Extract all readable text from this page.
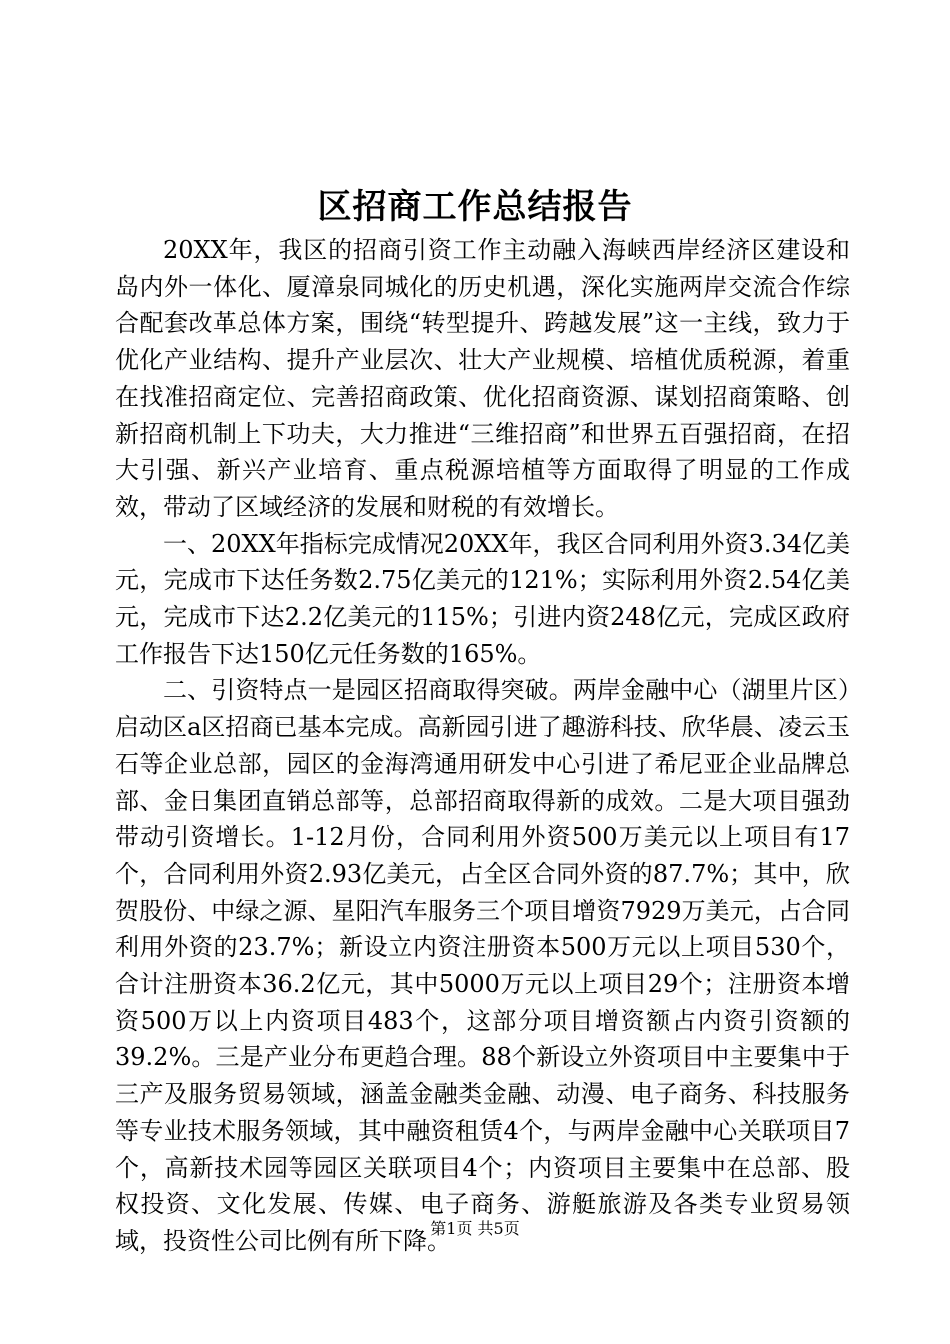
区招商工作总结报告

20XX年，我区的招商引资工作主动融入海峡西岸经济区建设和岛内外一体化、厦漳泉同城化的历史机遇，深化实施两岸交流合作综合配套改革总体方案，围绕“转型提升、跨越发展”这一主线，致力于优化产业结构、提升产业层次、壮大产业规模、培植优质税源，着重在找准招商定位、完善招商政策、优化招商资源、谋划招商策略、创新招商机制上下功夫，大力推进“三维招商”和世界五百强招商，在招大引强、新兴产业培育、重点税源培植等方面取得了明显的工作成效，带动了区域经济的发展和财税的有效增长。

一、20XX年指标完成情况20XX年，我区合同利用外资3.34亿美元，完成市下达任务数2.75亿美元的121%；实际利用外资2.54亿美元，完成市下达2.2亿美元的115%；引进内资248亿元，完成区政府工作报告下达150亿元任务数的165%。

二、引资特点一是园区招商取得突破。两岸金融中心（湖里片区）启动区a区招商已基本完成。高新园引进了趣游科技、欣华晨、凌云玉石等企业总部，园区的金海湾通用研发中心引进了希尼亚企业品牌总部、金日集团直销总部等，总部招商取得新的成效。二是大项目强劲带动引资增长。1-12月份，合同利用外资500万美元以上项目有17个，合同利用外资2.93亿美元，占全区合同外资的87.7%；其中，欣贺股份、中绿之源、星阳汽车服务三个项目增资7929万美元，占合同利用外资的23.7%；新设立内资注册资本500万元以上项目530个，合计注册资本36.2亿元，其中5000万元以上项目29个；注册资本增资500万以上内资项目483个，这部分项目增资额占内资引资额的39.2%。三是产业分布更趋合理。88个新设立外资项目中主要集中于三产及服务贸易领域，涵盖金融类金融、动漫、电子商务、科技服务等专业技术服务领域，其中融资租赁4个，与两岸金融中心关联项目7个，高新技术园等园区关联项目4个；内资项目主要集中在总部、股权投资、文化发展、传媒、电子商务、游艇旅游及各类专业贸易领域，投资性公司比例有所下降。

第1页 共5页
